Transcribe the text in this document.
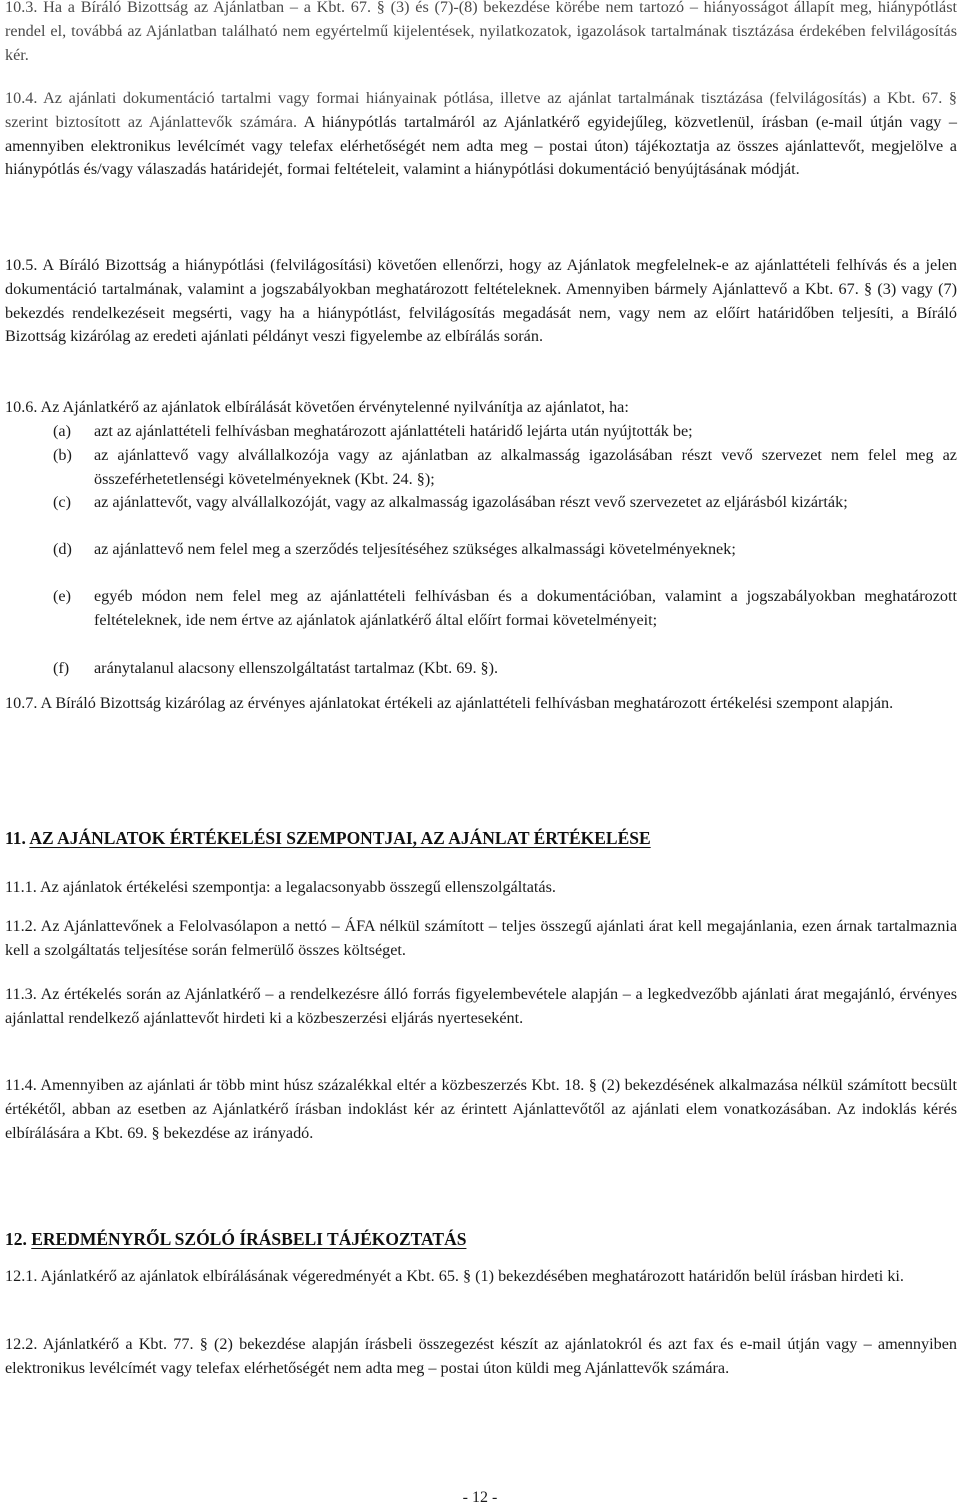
10.3. Ha a Bíráló Bizottság az Ajánlatban – a Kbt. 67. § (3) és (7)-(8) bekezdése körébe nem tartozó – hiányosságot állapít meg, hiánypótlást rendel el, továbbá az Ajánlatban található nem egyértelmű kijelentések, nyilatkozatok, igazolások tartalmának tisztázása érdekében felvilágosítás kér.

10.4. Az ajánlati dokumentáció tartalmi vagy formai hiányainak pótlása, illetve az ajánlat tartalmának tisztázása (felvilágosítás) a Kbt. 67. § szerint biztosított az Ajánlattevők számára. A hiánypótlás tartalmáról az Ajánlatkérő egyidejűleg, közvetlenül, írásban (e-mail útján vagy – amennyiben elektronikus levélcímét vagy telefax elérhetőségét nem adta meg – postai úton) tájékoztatja az összes ajánlattevőt, megjelölve a hiánypótlás és/vagy válaszadás határidejét, formai feltételeit, valamint a hiánypótlási dokumentáció benyújtásának módját.

10.5. A Bíráló Bizottság a hiánypótlási (felvilágosítási) követően ellenőrzi, hogy az Ajánlatok megfelelnek-e az ajánlattételi felhívás és a jelen dokumentáció tartalmának, valamint a jogszabályokban meghatározott feltételeknek. Amennyiben bármely Ajánlattevő a Kbt. 67. § (3) vagy (7) bekezdés rendelkezéseit megsérti, vagy ha a hiánypótlást, felvilágosítás megadását nem, vagy nem az előírt határidőben teljesíti, a Bíráló Bizottság kizárólag az eredeti ajánlati példányt veszi figyelembe az elbírálás során.

10.6. Az Ajánlatkérő az ajánlatok elbírálását követően érvénytelenné nyilvánítja az ajánlatot, ha:

(a) azt az ajánlattételi felhívásban meghatározott ajánlattételi határidő lejárta után nyújtották be;
(b) az ajánlattevő vagy alvállalkozója vagy az ajánlatban az alkalmasság igazolásában részt vevő szervezet nem felel meg az összeférhetetlenségi követelményeknek (Kbt. 24. §);
(c) az ajánlattevőt, vagy alvállalkozóját, vagy az alkalmasság igazolásában részt vevő szervezetet az eljárásból kizárták;
(d) az ajánlattevő nem felel meg a szerződés teljesítéséhez szükséges alkalmassági követelményeknek;
(e) egyéb módon nem felel meg az ajánlattételi felhívásban és a dokumentációban, valamint a jogszabályokban meghatározott feltételeknek, ide nem értve az ajánlatok ajánlatkérő által előírt formai követelményeit;
(f) aránytalanul alacsony ellenszolgáltatást tartalmaz (Kbt. 69. §).

10.7. A Bíráló Bizottság kizárólag az érvényes ajánlatokat értékeli az ajánlattételi felhívásban meghatározott értékelési szempont alapján.

11. AZ AJÁNLATOK ÉRTÉKELÉSI SZEMPONTJAI, AZ AJÁNLAT ÉRTÉKELÉSE

11.1. Az ajánlatok értékelési szempontja: a legalacsonyabb összegű ellenszolgáltatás.

11.2. Az Ajánlattevőnek a Felolvasólapon a nettó – ÁFA nélkül számított – teljes összegű ajánlati árat kell megajánlania, ezen árnak tartalmaznia kell a szolgáltatás teljesítése során felmerülő összes költséget.

11.3. Az értékelés során az Ajánlatkérő – a rendelkezésre álló forrás figyelembevétele alapján – a legkedvezőbb ajánlati árat megajánló, érvényes ajánlattal rendelkező ajánlattevőt hirdeti ki a közbeszerzési eljárás nyerteseként.

11.4. Amennyiben az ajánlati ár több mint húsz százalékkal eltér a közbeszerzés Kbt. 18. § (2) bekezdésének alkalmazása nélkül számított becsült értékétől, abban az esetben az Ajánlatkérő írásban indoklást kér az érintett Ajánlattevőtől az ajánlati elem vonatkozásában. Az indoklás kérés elbírálására a Kbt. 69. § bekezdése az irányadó.

12. EREDMÉNYRŐL SZÓLÓ ÍRÁSBELI TÁJÉKOZTATÁS

12.1. Ajánlatkérő az ajánlatok elbírálásának végeredményét a Kbt. 65. § (1) bekezdésében meghatározott határidőn belül írásban hirdeti ki.

12.2. Ajánlatkérő a Kbt. 77. § (2) bekezdése alapján írásbeli összegezést készít az ajánlatokról és azt fax és e-mail útján vagy – amennyiben elektronikus levélcímét vagy telefax elérhetőségét nem adta meg – postai úton küldi meg Ajánlattevők számára.

- 12 -
